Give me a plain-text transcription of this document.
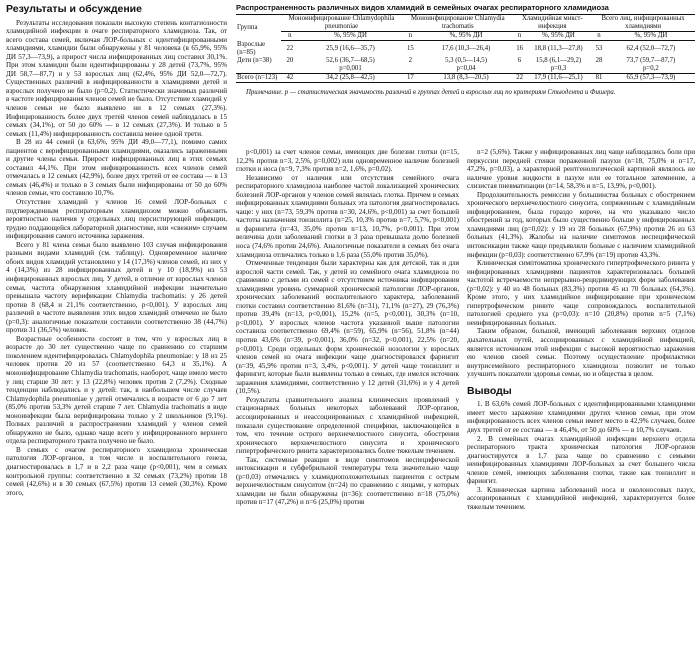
Результаты и обсуждение

Результаты исследования показали высокую степень контагиозности хламидийной инфекции в очаге респираторного хламидиоза. Так, от всего состава семей, включая ЛОР-больных с идентифицированными хламидиями, хламидии были обнаружены у 81 человека (в 65,9%, 95% ДИ 57,3—73,9), а прирост числа инфицированных лиц составил 30,1%. При этом хламидии были идентифицированы у 28 детей (73,7%, 95% ДИ 58,7—87,7) и у 53 взрослых лиц (62,4%, 95% ДИ 52,0—72,7). Существенных различий в инфицированности в хламидиями детей и взрослых получено не было (p=0,2). Статистически значимых различий в частоте инфицирования членов семей не было. Отсутствие хламидий у членов семьи не было выявлено ни в 12 семьях (27,3%). Инфицированность более двух третей членов семей наблюдалась в 15 семьях (34,1%), от 50 до 60% — в 12 семьях (27,3%). И только в 5 семьях (11,4%) инфицированность составила менее одной трети.

В 28 из 44 семей (в 63,6%, 95% ДИ 49,0—77,1), помимо самих пациентов с верифицированными хламидиями, оказались зараженными и другие члены семьи. Прирост инфицированных лиц в этих семьях составил 44,1%. При этом инфицированность всех членов семей отмечалась в 12 семьях (42,9%), более двух третей от ее состава — в 13 семьях (46,4%) и только в 3 семьях были инфицированы от 50 до 60% членов семьи, что составило 10,7%.

Отсутствие хламидий у членов 16 семей ЛОР-больных с подтвержденным респираторным хламидиозом можно объяснить вероятностью наличия у отдельных лиц персистирующей инфекции, трудно поддающейся лабораторной диагностике, или «свежим» случаем инфицирования самого источника заражения.

Всего у 81 члена семьи было выявлено 103 случая инфицирования разными видами хламидий (см. таблицу). Одновременное наличие обоих видов хламидий установлено у 14 (17,3%) членов семей, из них у 4 (14,3%) из 28 инфицированных детей и у 10 (18,9%) из 53 инфицированных взрослых лиц. У детей, в отличие от взрослых членов семьи, частота обнаружения хламидийной инфекции значительно превышала частоту верификации Chlamydia trachomatis: у 26 детей против 8 (68,4 и 21,1% соответственно, p<0,001). У взрослых лиц различий в частоте выявления этих видов хламидий отмечено не было (p=0,3): аналогичные показатели составили соответственно 38 (44,7%) против 31 (36,5%) человек.

Возрастные особенности состоят в том, что у взрослых лиц в возрасте до 30 лет существенно чаще по сравнению со старшим поколением идентифицировалась Chlamydophila pneumoniae: у 18 из 25 человек против 20 из 57 (соответственно 64,3 и 35,1%). А моноинфицирование Chlamydia trachomatis, наоборот, чаще имело место у лиц старше 30 лет: у 13 (22,8%) человек против 2 (7,2%). Сходные тенденции наблюдались и у детей: так, в наибольшем числе случаев Chlamydophila pneumoniae у детей отмечались в возрасте от 6 до 7 лет (85,0% против 53,3% детей старше 7 лет. Chlamydia trachomatis в виде моноинфекции была верифицирована только у 2 школьников (9,1%). Полных различий в распространении хламидий у членов семей обнаружено не было, однако чаще всего у инфицированного верхнего отдела респираторного тракта получено не было.

В семьях с очагом респираторного хламидиоза хроническая патология ЛОР-органов, в том числе и воспалительного генеза, диагностировалась в 1,7 и в 2,2 раза чаще (p<0,001), чем в семьях контрольной группы: соответственно в 32 семьях (73,2%) против 18 семей (42,6%) и в 30 семьях (67,5%) против 13 семей (30,3%). Кроме этого,

Распространенность различных видов хламидий в семейных очагах респираторного хламидиоза
Группа	Моноинфицирование Chlamydophila pneumoniae		Моноинфицирование Chlamydia trachomatis		Хламидийная микст-инфекция		Всего лиц, инфицированных хламидиями	
	n	%, 95% ДИ	n	%, 95% ДИ	n	%, 95% ДИ	n	%, 95% ДИ
Взрослые (n=85)	22	25,9 (16,6—35,7)	15	17,6 (10,3—26,4)	16	18,8 (11,3—27,8)	53	62,4 (52,0—72,7)
Дети (n=38)	20	52,6 (36,7—68,5)	2	5,3 (0,5—14,5)	6	15,8 (6,1—29,2)	28	73,7 (59,7—87,7)
		p=0,001		p=0,04		p=0,3		p=0,2
Всего (n=123)	42	34,2 (25,8—42,5)	17	13,8 (8,3—20,5)	22	17,9 (11,6—25,1)	81	65,9 (57,3—73,9)
Примечание. p — статистическая значимость различий в группах детей и взрослых лиц по критериям Стьюдента и Фишера.

p<0,001) за счет членов семьи, имеющих две болезни глотки (n=15, 12,2% против n=3, 2,5%, p=0,002) или одновременное наличие болезней глотки и носа (n=9, 7,3% против n=2, 1,6%, p=0,02).

Независимо от наличия или отсутствия семейного очага респираторного хламидиоза наиболее частой локализацией хронических болезней ЛОР-органов у членов семей являлась глотка. Причем в семьях инфицированных хламидиями больных эта патология диагностировалась чаще: у них (n=73, 59,3% против n=30, 24,6%, p<0,001) за счет большей частоты назначения тонзиллита (n=25, 10,3% против n=7, 5,7%, p<0,001) и фарингита (n=43, 35,0% против n=13, 10,7%, p<0,001). При этом величина доли заболеваний глотки в 3 раза превышала долю болезней носа (74,6% против 24,6%). Аналогичные показатели в семьях без очага хламидиоза отличались только в 1,6 раза (55,0% против 35,0%).

Отмеченные тенденции были характерны как для детской, так и для взрослой части семей. Так, у детей из семейного очага хламидиоза по сравнению с детьми из семей с отсутствием источника инфицирования хламидиями уровень суммарной хронической патологии ЛОР-органов, хронических заболеваний воспалительного характера, заболеваний глотки составил соответственно 81,6% (n=31), 71,1% (n=27), 29 (76,3%) против 39,4% (n=13, p<0,001), 15,2% (n=5, p<0,001), 30,3% (n=10, p<0,001). У взрослых членов частота указанной выше патологии составила соответственно 69,4% (n=59), 65,9% (n=56), 51,8% (n=44) против 43,6% (n=39, p<0,001), 36,0% (n=32, p<0,001), 22,5% (n=20, p<0,001). Среди отдельных форм хронической нозологии у взрослых членов семей из очага инфекции чаще диагностировался фарингит (n=39, 45,9% против n=3, 3,4%, p<0,001). У детей чаще тонзиллит и фарингит, которые были выявлены только в семьях, где имелся источник заражения хламидиями, соответственно у 12 детей (31,6%) и у 4 детей (10,5%).

Результаты сравнительного анализа клинических проявлений у стационарных больных некоторых заболеваний ЛОР-органов, ассоциированных и неассоциированных с хламидийной инфекцией, показали существование определенной специфики, заключающейся в том, что течение острого верхнечелюстного синусита, обострения хронического верхнечелюстного синусита и хронического гипертрофического ринита характеризовались более тяжелым течением.

Так, системные реакции в виде симптомов неспецифической интоксикации и субфебрильной температуры тела значительно чаще (p=0,03) отмечались у хламидиоположительных пациентов с острым верхнечелюстным синуситом (n=24) по сравнению с лицами, у которых хламидии не были обнаружены (n=36): соответственно n=18 (75,0%) против n=17 (47,2%) и n=6 (25,0%) против

n=2 (5,6%). Также у инфицированных лиц чаще наблюдались боли при перкуссии передней стенки пораженной пазухи (n=18, 75,0% и n=17, 47,2%, p=0,03), а характерной рентгенологической картиной являлось не наличие уровня жидкости в пазухе или ее тотальное затемнение, а слизистая пневматизации (n=14, 58,3% и n=5, 13,9%, p<0,001).

Продолжительность ремиссии у большинства больных с обострением хронического верхнечелюстного синусита, сопряженным с хламидийным инфицированием, была гораздо короче, на что указывало число обострений за год, которых было существенно больше у инфицированных хламидиями лиц (p=0,02): у 19 из 28 больных (67,9%) против 26 из 63 больных (41,3%). Жалобы на наличие симптомов неспецифической интоксикации также чаще предъявляли больные с наличием хламидийной инфекции (p=0,03): соответственно 67,9% (n=19) против 43,3%.

Клиническая симптоматика хронического гипертрофического ринита у инфицированных хламидиями пациентов характеризовалась большей частотой встречаемости непрерывно-рецидивирующих форм заболевания (p=0,02): у 40 из 48 больных (83,3%) против 45 из 70 больных (64,3%). Кроме этого, у них хламидийное инфицирование при хроническом гипертрофическом рините чаще сопровождалось воспалительной патологией среднего уха (p=0,03): n=10 (20,8%) против n=5 (7,1%) неинфицированных больных.

Таким образом, большой, имеющий заболевания верхних отделов дыхательных путей, ассоциированных с хламидийной инфекцией, является источником этой инфекции с высокой вероятностью заражения ею членов своей семьи. Поэтому осуществление профилактики внутрисемейного респираторного хламидиоза позволит не только улучшить показатели здоровья семьи, но и общества в целом.

Выводы

1. В 63,6% семей ЛОР-больных с идентифицированными хламидиями имеет место заражение хламидиями других членов семьи, при этом инфицированность всех членов семьи имеет место в 42,9% случаев, более двух третей от ее состава — в 46,4%, от 50 до 60% — в 10,7% случаев.

2. В семейных очагах хламидийной инфекции верхнего отдела респираторного тракта хроническая патология ЛОР-органов диагностируется в 1,7 раза чаще по сравнению с семьями неинфицированных хламидиями ЛОР-больных за счет большего числа членов семей, имеющих заболевания глотки, такие как тонзиллит и фарингит.

3. Клиническая картина заболеваний носа и околоносовых пазух, ассоциированных с хламидийной инфекцией, характеризуется более тяжелым течением.
